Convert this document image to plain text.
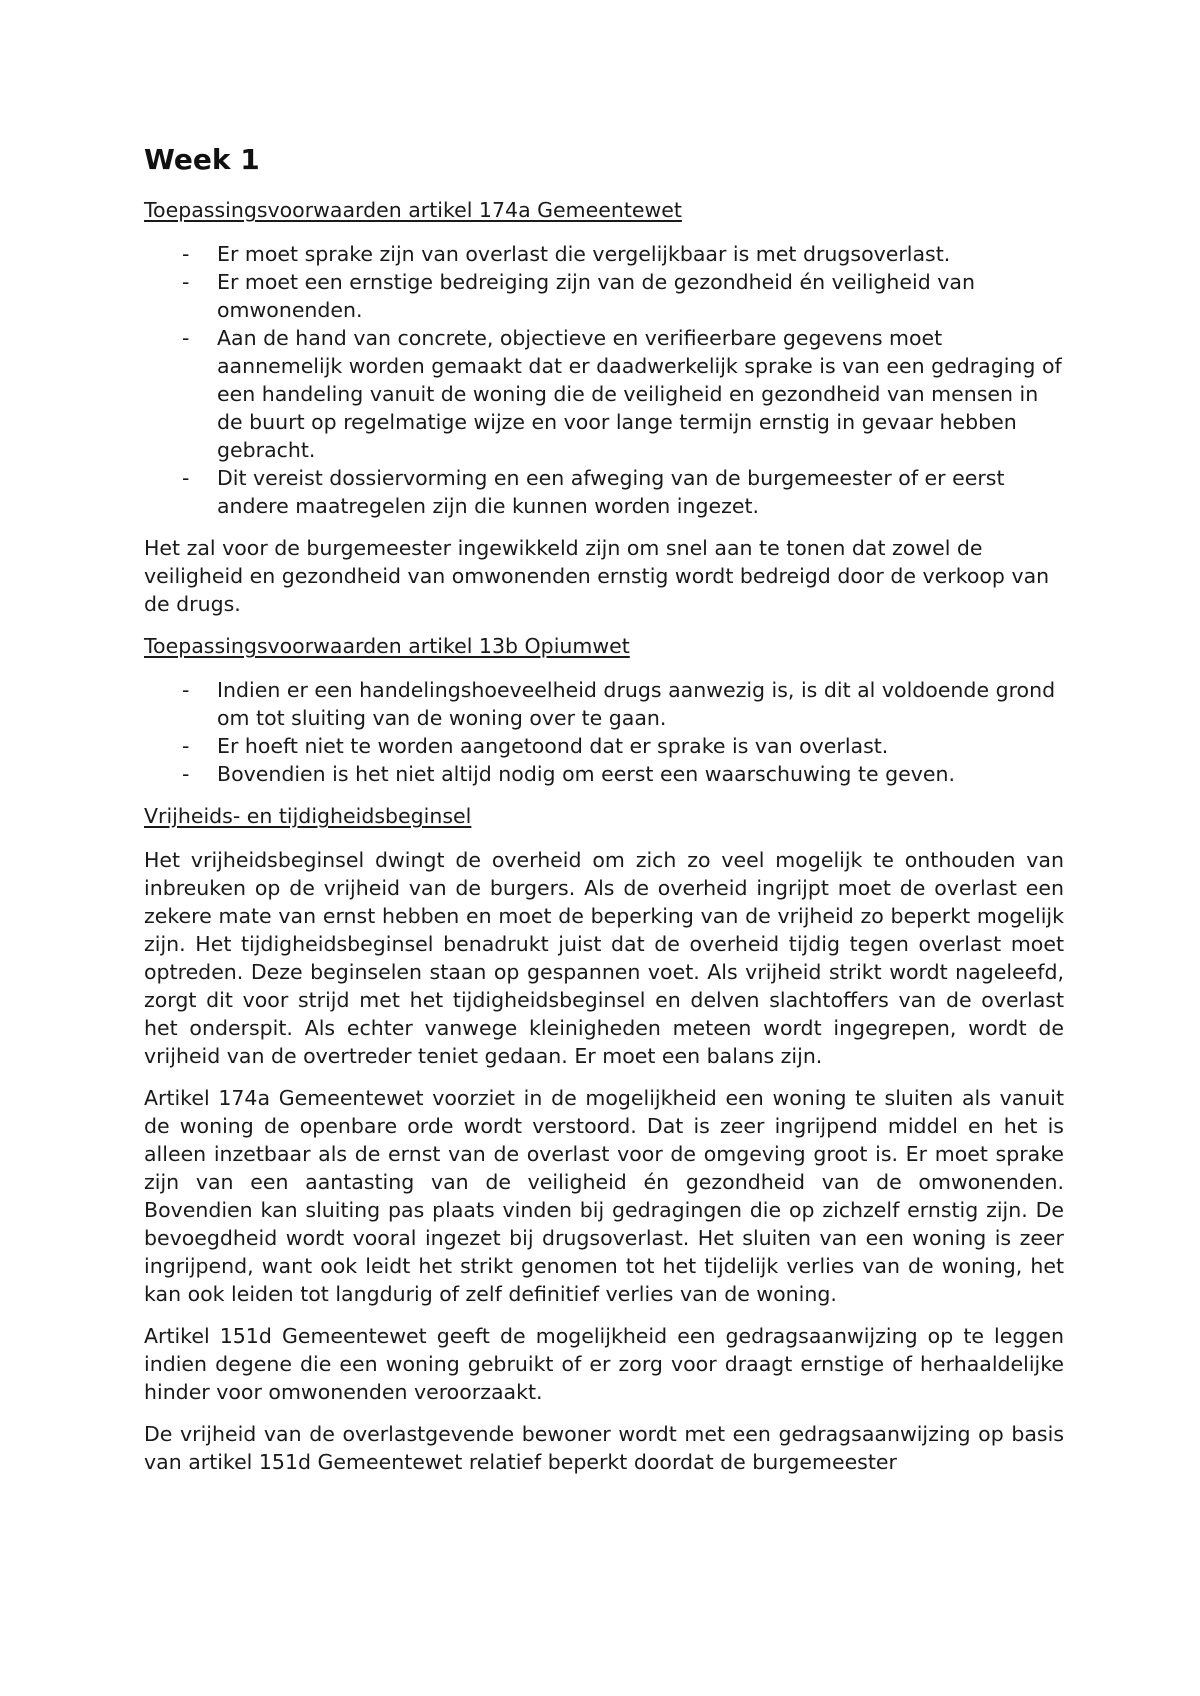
Week 1

Toepassingsvoorwaarden artikel 174a Gemeentewet

- Er moet sprake zijn van overlast die vergelijkbaar is met drugsoverlast.
- Er moet een ernstige bedreiging zijn van de gezondheid én veiligheid van omwonenden.
- Aan de hand van concrete, objectieve en verifieerbare gegevens moet aannemelijk worden gemaakt dat er daadwerkelijk sprake is van een gedraging of een handeling vanuit de woning die de veiligheid en gezondheid van mensen in de buurt op regelmatige wijze en voor lange termijn ernstig in gevaar hebben gebracht.
- Dit vereist dossiervorming en een afweging van de burgemeester of er eerst andere maatregelen zijn die kunnen worden ingezet.

Het zal voor de burgemeester ingewikkeld zijn om snel aan te tonen dat zowel de veiligheid en gezondheid van omwonenden ernstig wordt bedreigd door de verkoop van de drugs.

Toepassingsvoorwaarden artikel 13b Opiumwet

- Indien er een handelingshoeveelheid drugs aanwezig is, is dit al voldoende grond om tot sluiting van de woning over te gaan.
- Er hoeft niet te worden aangetoond dat er sprake is van overlast.
- Bovendien is het niet altijd nodig om eerst een waarschuwing te geven.

Vrijheids- en tijdigheidsbeginsel

Het vrijheidsbeginsel dwingt de overheid om zich zo veel mogelijk te onthouden van inbreuken op de vrijheid van de burgers. Als de overheid ingrijpt moet de overlast een zekere mate van ernst hebben en moet de beperking van de vrijheid zo beperkt mogelijk zijn. Het tijdigheidsbeginsel benadrukt juist dat de overheid tijdig tegen overlast moet optreden. Deze beginselen staan op gespannen voet. Als vrijheid strikt wordt nageleefd, zorgt dit voor strijd met het tijdigheidsbeginsel en delven slachtoffers van de overlast het onderspit. Als echter vanwege kleinigheden meteen wordt ingegrepen, wordt de vrijheid van de overtreder teniet gedaan. Er moet een balans zijn.

Artikel 174a Gemeentewet voorziet in de mogelijkheid een woning te sluiten als vanuit de woning de openbare orde wordt verstoord. Dat is zeer ingrijpend middel en het is alleen inzetbaar als de ernst van de overlast voor de omgeving groot is. Er moet sprake zijn van een aantasting van de veiligheid én gezondheid van de omwonenden. Bovendien kan sluiting pas plaats vinden bij gedragingen die op zichzelf ernstig zijn. De bevoegdheid wordt vooral ingezet bij drugsoverlast. Het sluiten van een woning is zeer ingrijpend, want ook leidt het strikt genomen tot het tijdelijk verlies van de woning, het kan ook leiden tot langdurig of zelf definitief verlies van de woning.

Artikel 151d Gemeentewet geeft de mogelijkheid een gedragsaanwijzing op te leggen indien degene die een woning gebruikt of er zorg voor draagt ernstige of herhaaldelijke hinder voor omwonenden veroorzaakt.

De vrijheid van de overlastgevende bewoner wordt met een gedragsaanwijzing op basis van artikel 151d Gemeentewet relatief beperkt doordat de burgemeester
